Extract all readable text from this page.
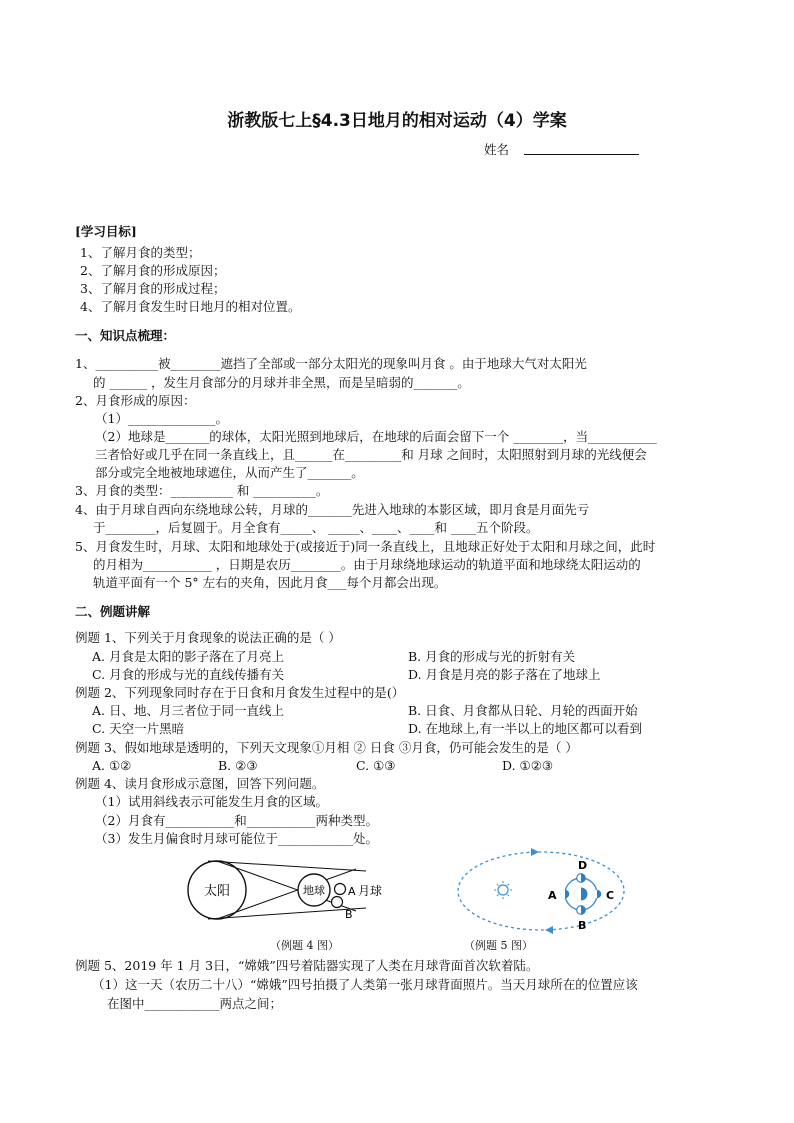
浙教版七上§4.3日地月的相对运动（4）学案
姓名
[学习目标]
1、了解月食的类型；
2、了解月食的形成原因；
3、了解月食的形成过程；
4、了解月食发生时日地月的相对位置。
一、知识点梳理：
1、__________被________遮挡了全部或一部分太阳光的现象叫月食 。由于地球大气对太阳光
的 ______ ，发生月食部分的月球并非全黑，而是呈暗弱的_______。
2、月食形成的原因：
（1）______________。
（2）地球是_______的球体，太阳光照到地球后，在地球的后面会留下一个 ________，当___________
三者恰好或几乎在同一条直线上，且______在_________和 月球 之间时，太阳照射到月球的光线便会
部分或完全地被地球遮住，从而产生了_______。
3、月食的类型：__________ 和 __________。
4、由于月球自西向东绕地球公转，月球的_______先进入地球的本影区域，即月食是月面先亏
于________，后复圆于。月全食有_____、 _____、____、____和 ____五个阶段。
5、月食发生时，月球、太阳和地球处于(或接近于)同一条直线上，且地球正好处于太阳和月球之间，此时
的月相为___________ ，日期是农历________。由于月球绕地球运动的轨道平面和地球绕太阳运动的
轨道平面有一个 5° 左右的夹角，因此月食___每个月都会出现。
二、例题讲解
例题 1、下列关于月食现象的说法正确的是（ ）
A. 月食是太阳的影子落在了月亮上	B. 月食的形成与光的折射有关
C. 月食的形成与光的直线传播有关	D. 月食是月亮的影子落在了地球上
例题 2、下列现象同时存在于日食和月食发生过程中的是(）
A. 日、地、月三者位于同一直线上	B. 日食、月食都从日轮、月轮的西面开始
C. 天空一片黑暗	D. 在地球上,有一半以上的地区都可以看到
例题 3、假如地球是透明的，下列天文现象①月相 ② 日食 ③月食，仍可能会发生的是（ ）
A. ①②	B. ②③	C. ①③	D. ①②③
例题 4、读月食形成示意图，回答下列问题。
（1）试用斜线表示可能发生月食的区域。
（2）月食有___________和___________两种类型。
（3）发生月偏食时月球可能位于____________处。
太阳	地球 A
B
月球
（例题 4 图）
D
B
A	C
（例题 5 图）
例题 5、2019 年 1 月 3日，“嫦娥”四号着陆器实现了人类在月球背面首次软着陆。
（1）这一天（农历二十八）“嫦娥”四号拍摄了人类第一张月球背面照片。当天月球所在的位置应该
在图中____________两点之间；
